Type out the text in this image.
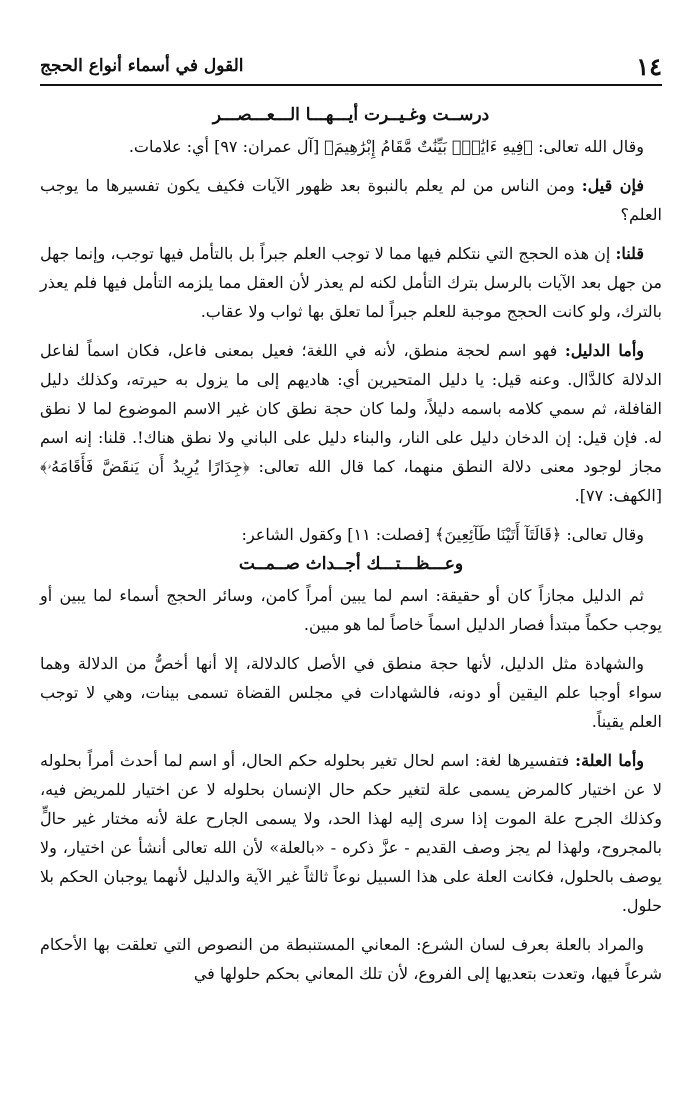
١٤
القول في أسماء أنواع الحجج
درســت وغـيــرت أيـــهـــا الـــعـــصـــر

وقال الله تعالى: ﴿فِيهِ ءَايَٰتٌۢ بَيِّنَٰتٌ مَّقَامُ إِبْرَٰهِيمَ﴾ [آل عمران: ٩٧] أي: علامات.

فإن قيل: ومن الناس من لم يعلم بالنبوة بعد ظهور الآيات فكيف يكون تفسيرها ما يوجب العلم؟

قلنا: إن هذه الحجج التي نتكلم فيها مما لا توجب العلم جبراً بل بالتأمل فيها توجب، وإنما جهل من جهل بعد الآيات بالرسل بترك التأمل لكنه لم يعذر لأن العقل مما يلزمه التأمل فيها فلم يعذر بالترك، ولو كانت الحجج موجبة للعلم جبراً لما تعلق بها ثواب ولا عقاب.

وأما الدليل: فهو اسم لحجة منطق، لأنه في اللغة؛ فعيل بمعنى فاعل، فكان اسماً لفاعل الدلالة كالدَّال. وعنه قيل: يا دليل المتحيرين أي: هاديهم إلى ما يزول به حيرته، وكذلك دليل القافلة، ثم سمي كلامه باسمه دليلاً، ولما كان حجة نطق كان غير الاسم الموضوع لما لا نطق له. فإن قيل: إن الدخان دليل على النار، والبناء دليل على الباني ولا نطق هناك!. قلنا: إنه اسم مجاز لوجود معنى دلالة النطق منهما، كما قال الله تعالى: ﴿جِدَارًا يُرِيدُ أَن يَنقَضَّ فَأَقَامَهُۥ﴾ [الكهف: ٧٧].

وقال تعالى: ﴿قَالَتَآ أَتَيْنَا طَآئِعِينَ﴾ [فصلت: ١١] وكقول الشاعر:

وعـــظـــتـــك أجــداث صــمــت

ثم الدليل مجازاً كان أو حقيقة: اسم لما يبين أمراً كامن، وسائر الحجج أسماء لما يبين أو يوجب حكماً مبتدأ فصار الدليل اسماً خاصاً لما هو مبين.

والشهادة مثل الدليل، لأنها حجة منطق في الأصل كالدلالة، إلا أنها أخصُّ من الدلالة وهما سواء أوجبا علم اليقين أو دونه، فالشهادات في مجلس القضاة تسمى بينات، وهي لا توجب العلم يقيناً.

وأما العلة: فتفسيرها لغة: اسم لحال تغير بحلوله حكم الحال، أو اسم لما أحدث أمراً بحلوله لا عن اختيار كالمرض يسمى علة لتغير حكم حال الإنسان بحلوله لا عن اختيار للمريض فيه، وكذلك الجرح علة الموت إذا سرى إليه لهذا الحد، ولا يسمى الجارح علة لأنه مختار غير حالٍّ بالمجروح، ولهذا لم يجز وصف القديم - عزَّ ذكره - «بالعلة» لأن الله تعالى أنشأ عن اختيار، ولا يوصف بالحلول، فكانت العلة على هذا السبيل نوعاً ثالثاً غير الآية والدليل لأنهما يوجبان الحكم بلا حلول.

والمراد بالعلة بعرف لسان الشرع: المعاني المستنبطة من النصوص التي تعلقت بها الأحكام شرعاً فيها، وتعدت بتعديها إلى الفروع، لأن تلك المعاني بحكم حلولها في
